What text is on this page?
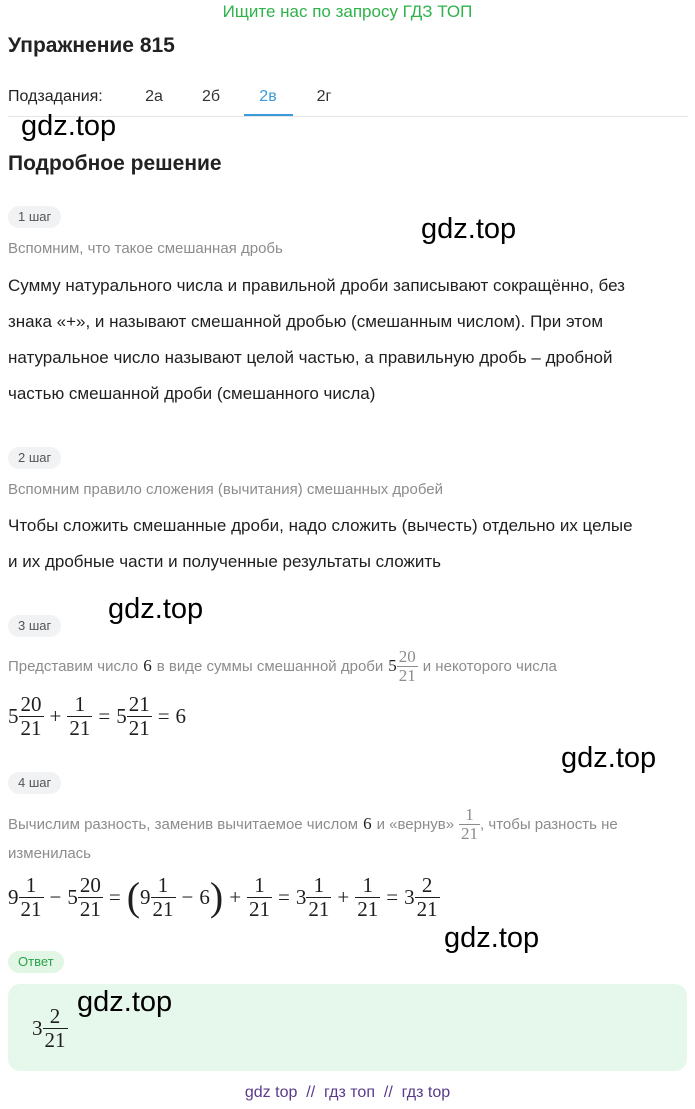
Ищите нас по запросу ГДЗ ТОП
Упражнение 815
Подзадания:	2а	2б	2в	2г
gdz.top
gdz.top
gdz.top
gdz.top
gdz.top
Подробное решение
1 шаг
Вспомним, что такое смешанная дробь
Сумму натурального числа и правильной дроби записывают сокращённо, без
знака «+», и называют смешанной дробью (смешанным числом). При этом
натуральное число называют целой частью, а правильную дробь – дробной
частью смешанной дроби (смешанного числа)
2 шаг
Вспомним правило сложения (вычитания) смешанных дробей
Чтобы сложить смешанные дроби, надо сложить (вычесть) отдельно их целые
и их дробные части и полученные результаты сложить
3 шаг
Представим число 6 в виде суммы смешанной дроби $5 \frac{20}{21}$ и некоторого числа
$5 \frac{20}{21} + \frac{1}{21} = 5 \frac{21}{21} = 6$
4 шаг
Вычислим разность, заменив вычитаемое числом 6 и «вернув» $\frac{1}{21}$ , чтобы разность не
изменилась
$9 \frac{1}{21} - 5 \frac{20}{21}$ = ( $9 \frac{1}{21} - 6$ ) + $\frac{1}{21} = 3 \frac{1}{21} + \frac{1}{21} = 3 \frac{2}{21}$
Ответ
$3 \frac{2}{21}$
gdz.top
gdz top  //  гдз топ  //  гдз top
